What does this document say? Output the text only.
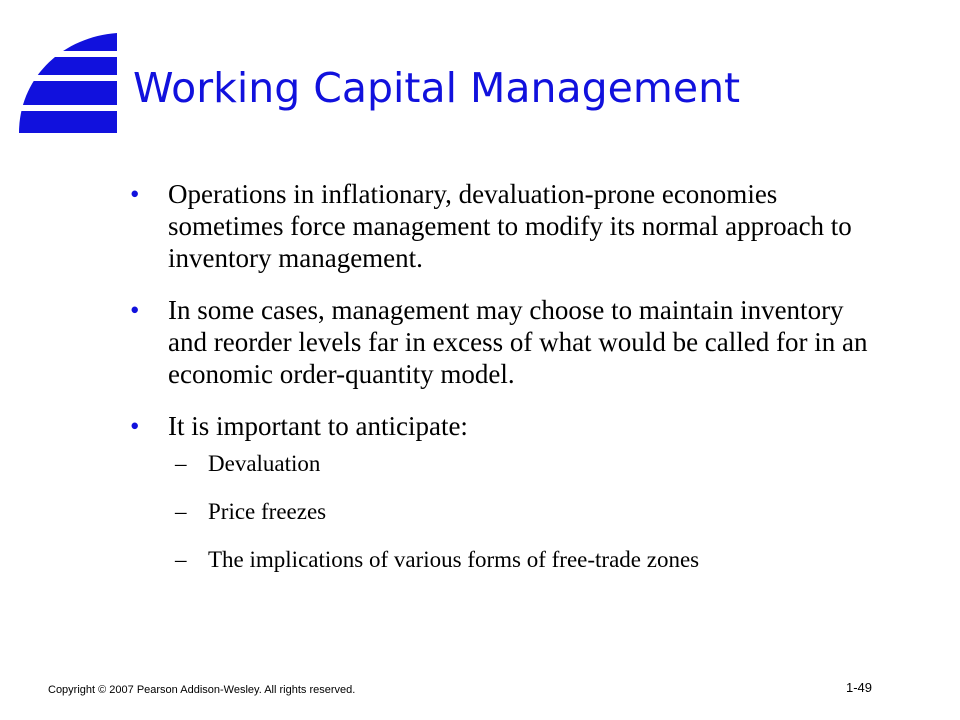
Working Capital Management
• Operations in inflationary, devaluation-prone economies sometimes force management to modify its normal approach to inventory management.
• In some cases, management may choose to maintain inventory and reorder levels far in excess of what would be called for in an economic order-quantity model.
• It is important to anticipate:
– Devaluation
– Price freezes
– The implications of various forms of free-trade zones
Copyright © 2007 Pearson Addison-Wesley. All rights reserved.	1-49
